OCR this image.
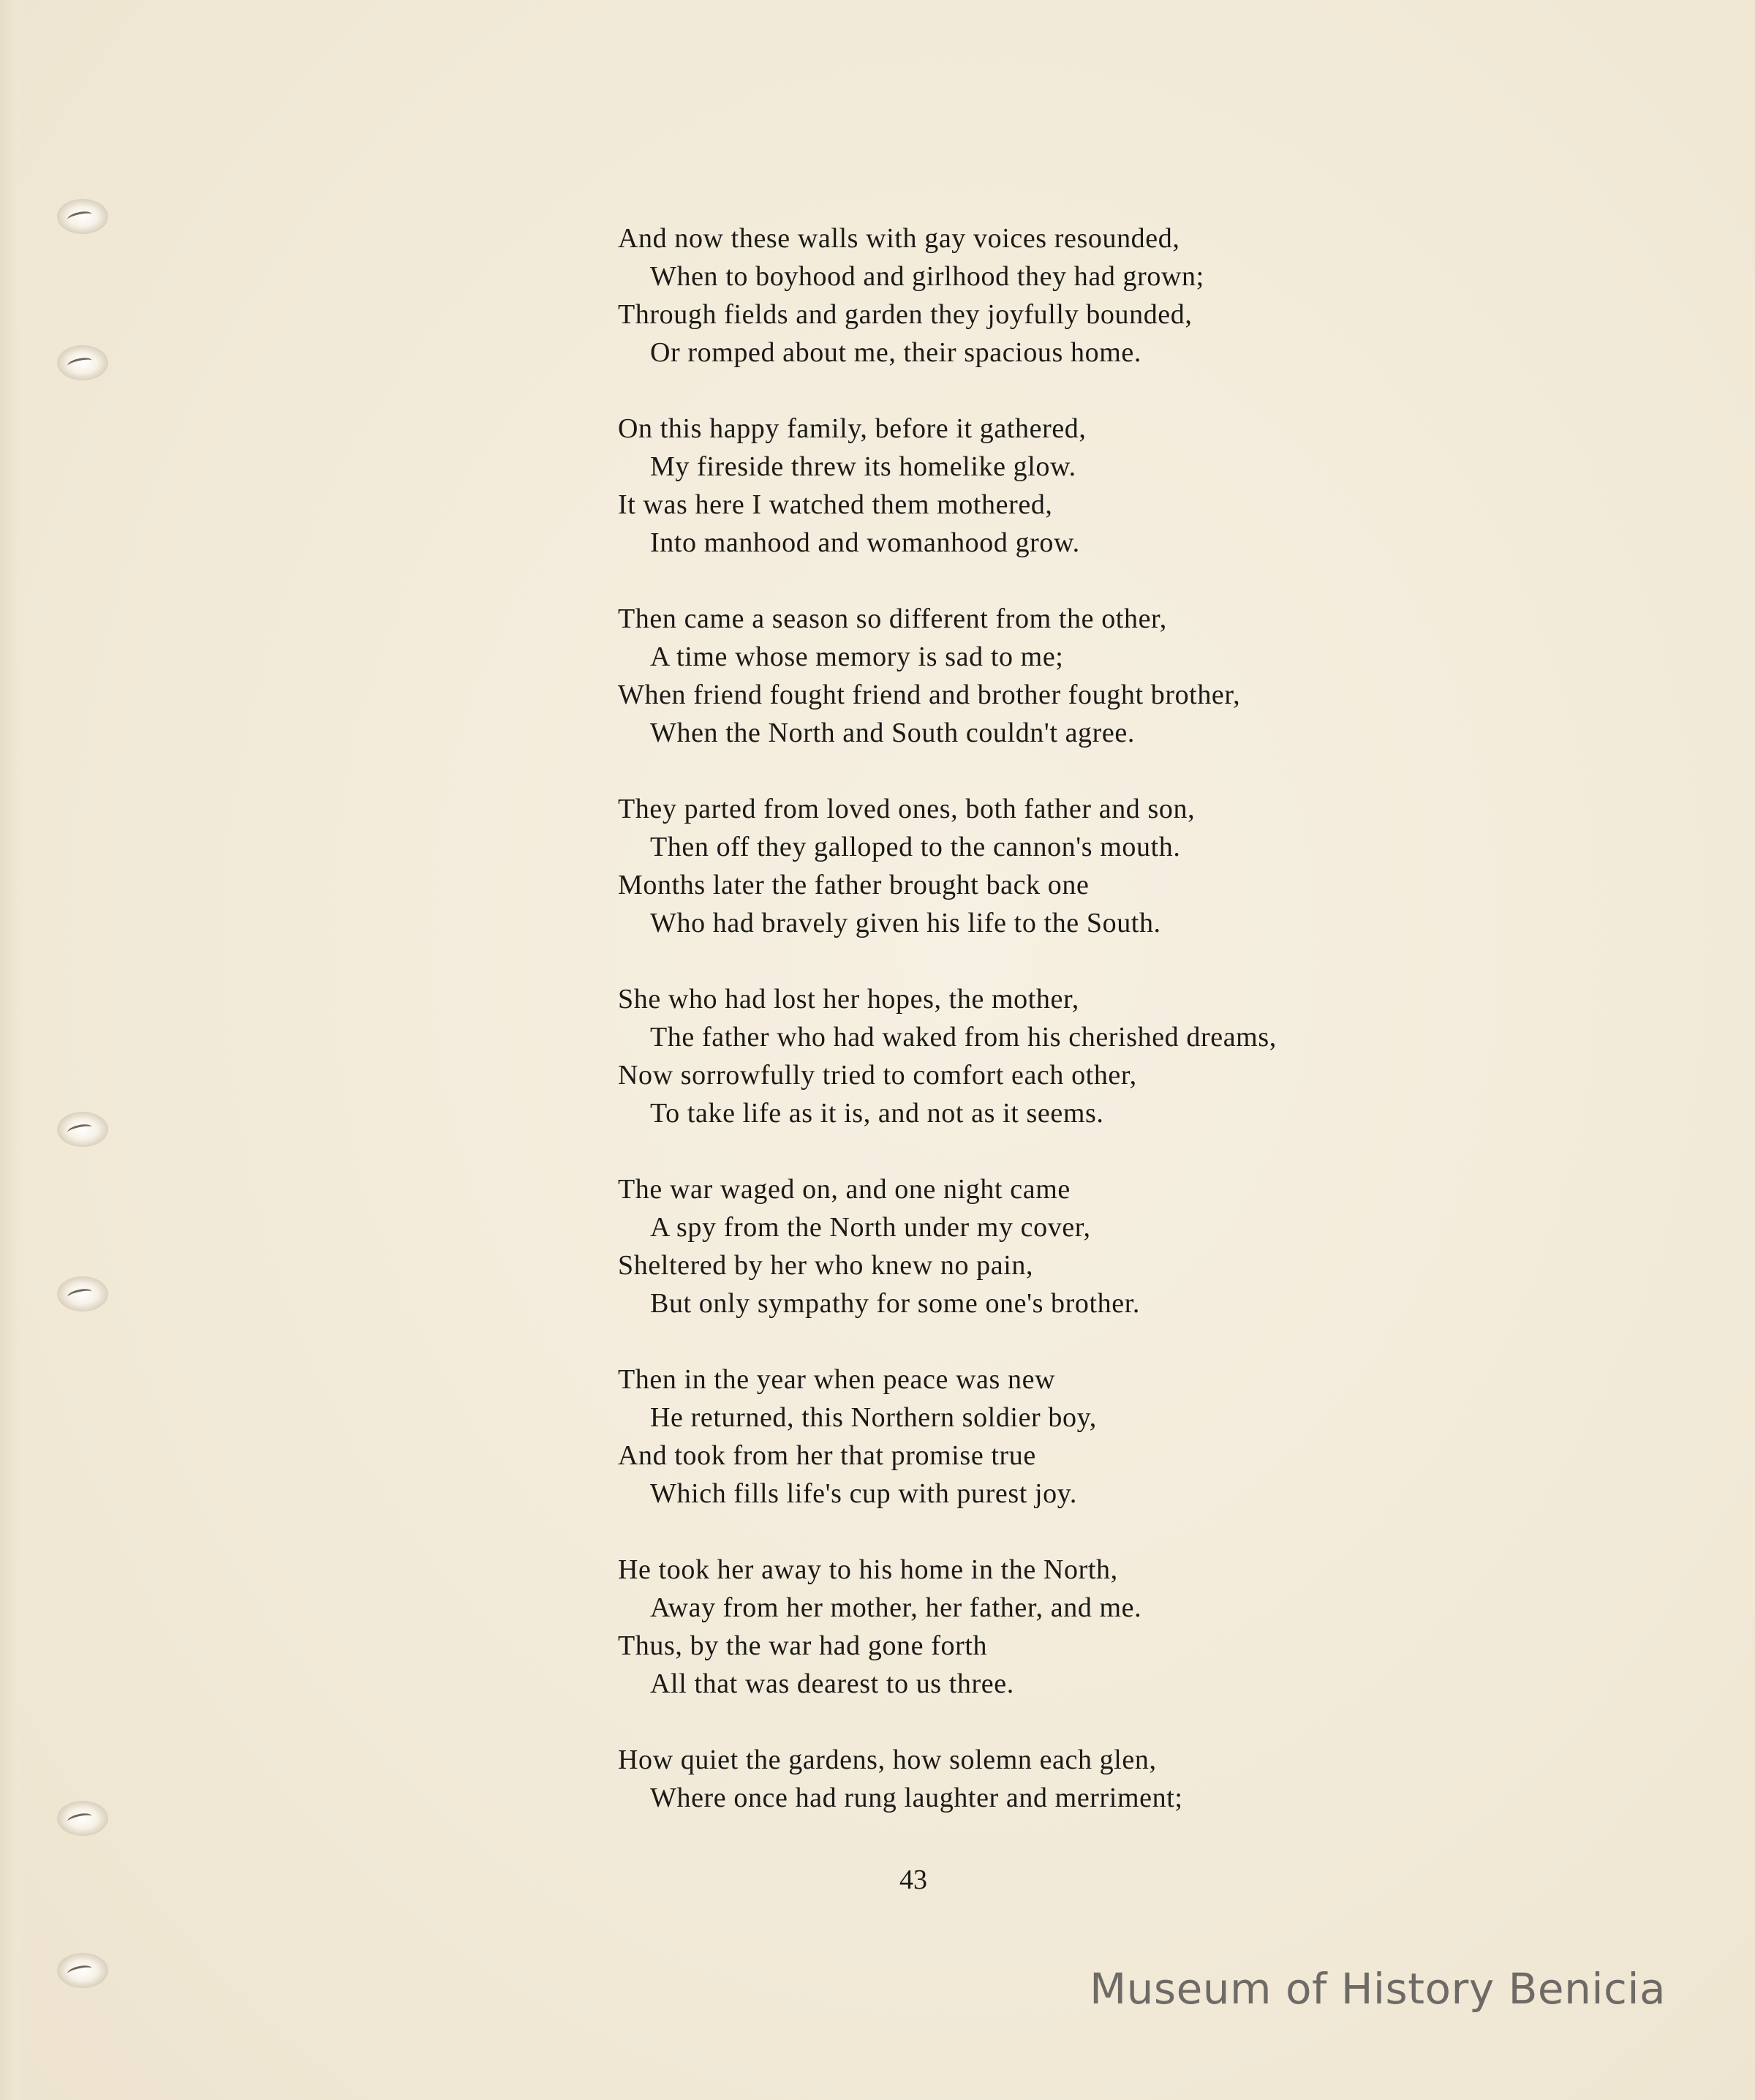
And now these walls with gay voices resounded,
When to boyhood and girlhood they had grown;
Through fields and garden they joyfully bounded,
Or romped about me, their spacious home.
On this happy family, before it gathered,
My fireside threw its homelike glow.
It was here I watched them mothered,
Into manhood and womanhood grow.
Then came a season so different from the other,
A time whose memory is sad to me;
When friend fought friend and brother fought brother,
When the North and South couldn't agree.
They parted from loved ones, both father and son,
Then off they galloped to the cannon's mouth.
Months later the father brought back one
Who had bravely given his life to the South.
She who had lost her hopes, the mother,
The father who had waked from his cherished dreams,
Now sorrowfully tried to comfort each other,
To take life as it is, and not as it seems.
The war waged on, and one night came
A spy from the North under my cover,
Sheltered by her who knew no pain,
But only sympathy for some one's brother.
Then in the year when peace was new
He returned, this Northern soldier boy,
And took from her that promise true
Which fills life's cup with purest joy.
He took her away to his home in the North,
Away from her mother, her father, and me.
Thus, by the war had gone forth
All that was dearest to us three.
How quiet the gardens, how solemn each glen,
Where once had rung laughter and merriment;
43
Museum of History Benicia
